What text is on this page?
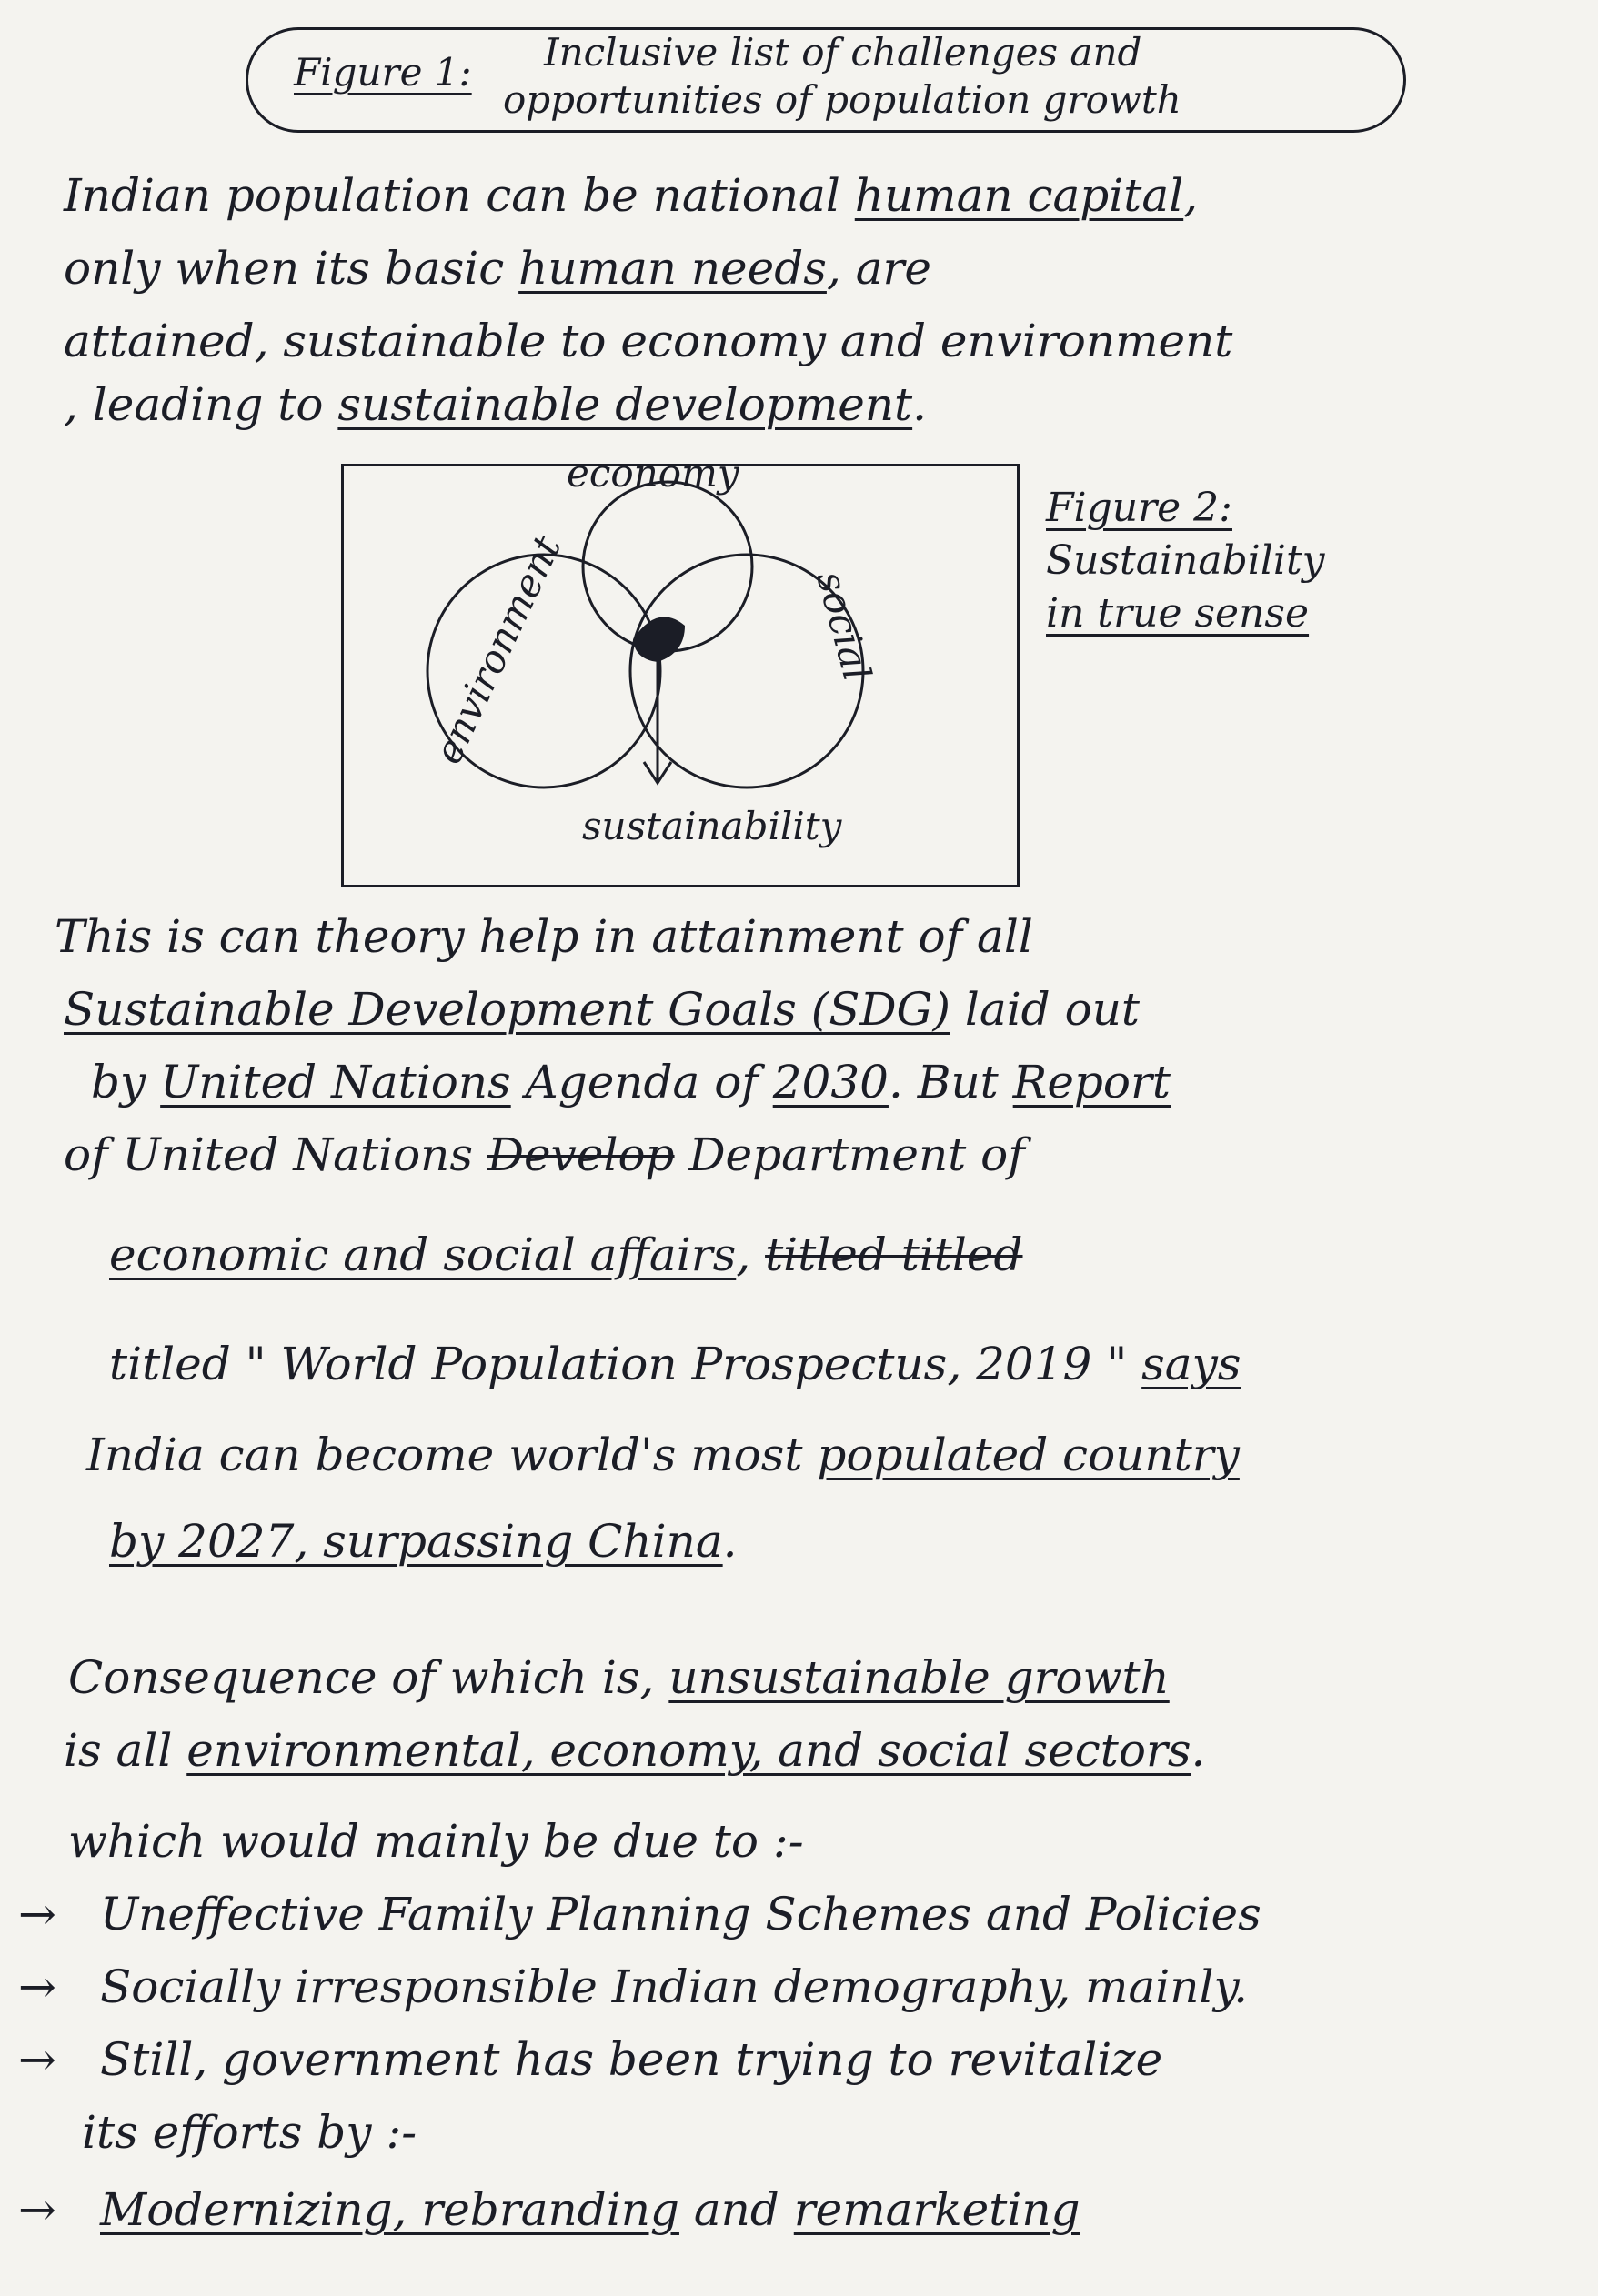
Figure 1: Inclusive list of challenges and
opportunities of population growth
Indian population can be national human capital,
only when its basic human needs, are
attained, sustainable to economy and environment
, leading to sustainable development.
economy
environment	social
sustainability
Figure 2:
Sustainability
in true sense
This is can theory help in attainment of all
Sustainable Development Goals (SDG) laid out
by United Nations Agenda of 2030. But Report
of United Nations Develop Department of
economic and social affairs, titled titled
titled " World Population Prospectus, 2019 " says
India can become world's most populated country
by 2027, surpassing China.
Consequence of which is, unsustainable growth
is all environmental, economy, and social sectors.
which would mainly be due to :-
→ Uneffective Family Planning Schemes and Policies
→ Socially irresponsible Indian demography, mainly.
→ Still, government has been trying to revitalize
its efforts by :-
→ Modernizing, rebranding and remarketing
